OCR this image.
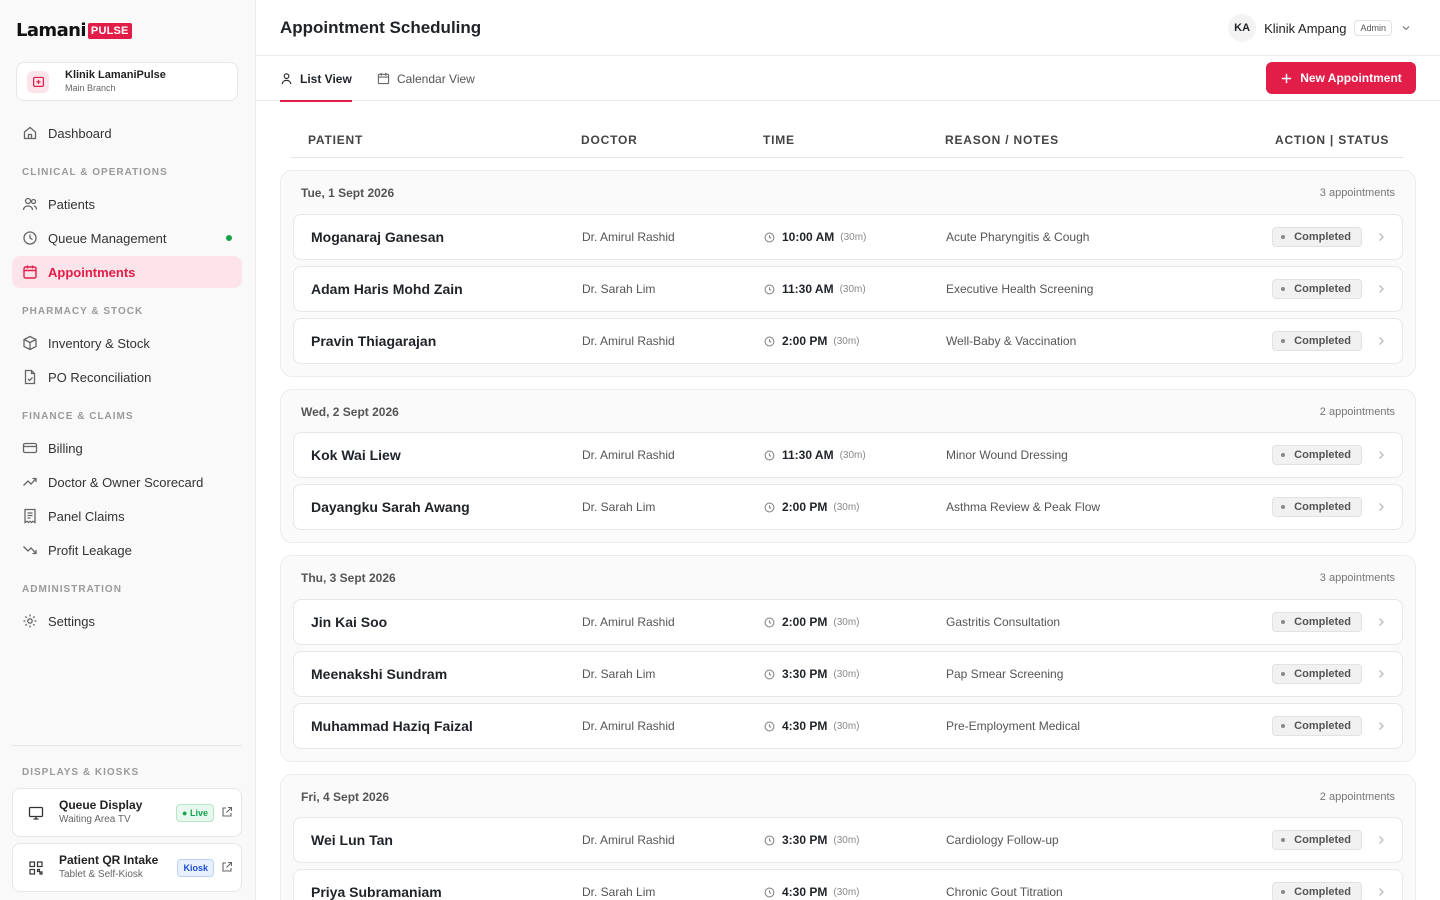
Lamani PULSE
Klinik LamaniPulse
Main Branch
Dashboard
CLINICAL & OPERATIONS
Patients
Queue Management
Appointments
PHARMACY & STOCK
Inventory & Stock
PO Reconciliation
FINANCE & CLAIMS
Billing
Doctor & Owner Scorecard
Panel Claims
Profit Leakage
ADMINISTRATION
Settings
DISPLAYS & KIOSKS
Queue Display
Waiting Area TV
● Live
Patient QR Intake
Tablet & Self-Kiosk
Kiosk
Appointment Scheduling	KA	Klinik Ampang	Admin
List View	Calendar View	New Appointment
PATIENT	DOCTOR	TIME	REASON / NOTES	ACTION | STATUS
Tue, 1 Sept 2026	3 appointments
Moganaraj Ganesan	Dr. Amirul Rashid	10:00 AM (30m)	Acute Pharyngitis & Cough	Completed
Adam Haris Mohd Zain	Dr. Sarah Lim	11:30 AM (30m)	Executive Health Screening	Completed
Pravin Thiagarajan	Dr. Amirul Rashid	2:00 PM (30m)	Well-Baby & Vaccination	Completed
Wed, 2 Sept 2026	2 appointments
Kok Wai Liew	Dr. Amirul Rashid	11:30 AM (30m)	Minor Wound Dressing	Completed
Dayangku Sarah Awang	Dr. Sarah Lim	2:00 PM (30m)	Asthma Review & Peak Flow	Completed
Thu, 3 Sept 2026	3 appointments
Jin Kai Soo	Dr. Amirul Rashid	2:00 PM (30m)	Gastritis Consultation	Completed
Meenakshi Sundram	Dr. Sarah Lim	3:30 PM (30m)	Pap Smear Screening	Completed
Muhammad Haziq Faizal	Dr. Amirul Rashid	4:30 PM (30m)	Pre-Employment Medical	Completed
Fri, 4 Sept 2026	2 appointments
Wei Lun Tan	Dr. Amirul Rashid	3:30 PM (30m)	Cardiology Follow-up	Completed
Priya Subramaniam	Dr. Sarah Lim	4:30 PM (30m)	Chronic Gout Titration	Completed
